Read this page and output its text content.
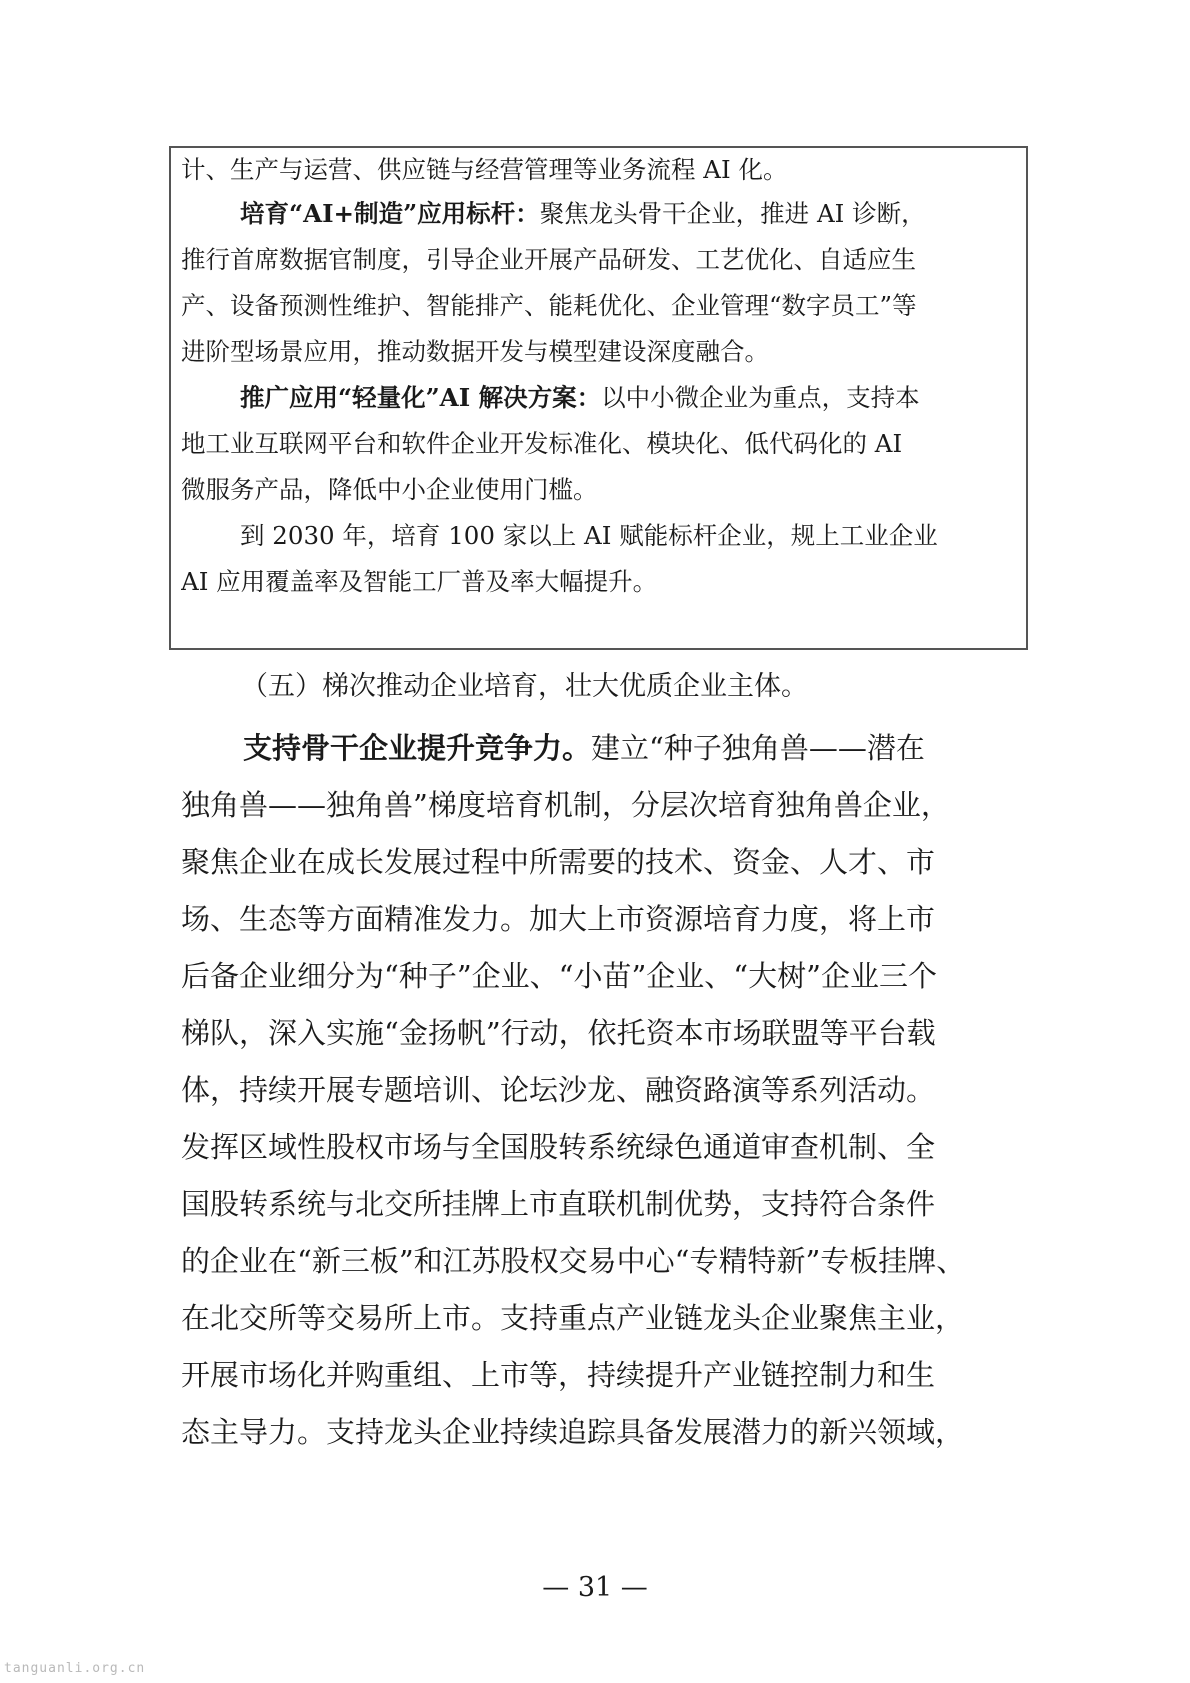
计、生产与运营、供应链与经营管理等业务流程 AI 化。
培育“AI+制造”应用标杆：聚焦龙头骨干企业，推进 AI 诊断，
推行首席数据官制度，引导企业开展产品研发、工艺优化、自适应生
产、设备预测性维护、智能排产、能耗优化、企业管理“数字员工”等
进阶型场景应用，推动数据开发与模型建设深度融合。
推广应用“轻量化”AI 解决方案：以中小微企业为重点，支持本
地工业互联网平台和软件企业开发标准化、模块化、低代码化的 AI
微服务产品，降低中小企业使用门槛。
到 2030 年，培育 100 家以上 AI 赋能标杆企业，规上工业企业
AI 应用覆盖率及智能工厂普及率大幅提升。
（五）梯次推动企业培育，壮大优质企业主体。
支持骨干企业提升竞争力。建立“种子独角兽——潜在
独角兽——独角兽”梯度培育机制，分层次培育独角兽企业，
聚焦企业在成长发展过程中所需要的技术、资金、人才、市
场、生态等方面精准发力。加大上市资源培育力度，将上市
后备企业细分为“种子”企业、“小苗”企业、“大树”企业三个
梯队，深入实施“金扬帆”行动，依托资本市场联盟等平台载
体，持续开展专题培训、论坛沙龙、融资路演等系列活动。
发挥区域性股权市场与全国股转系统绿色通道审查机制、全
国股转系统与北交所挂牌上市直联机制优势，支持符合条件
的企业在“新三板”和江苏股权交易中心“专精特新”专板挂牌、
在北交所等交易所上市。支持重点产业链龙头企业聚焦主业，
开展市场化并购重组、上市等，持续提升产业链控制力和生
态主导力。支持龙头企业持续追踪具备发展潜力的新兴领域，
— 31 —
tanguanli.org.cn
